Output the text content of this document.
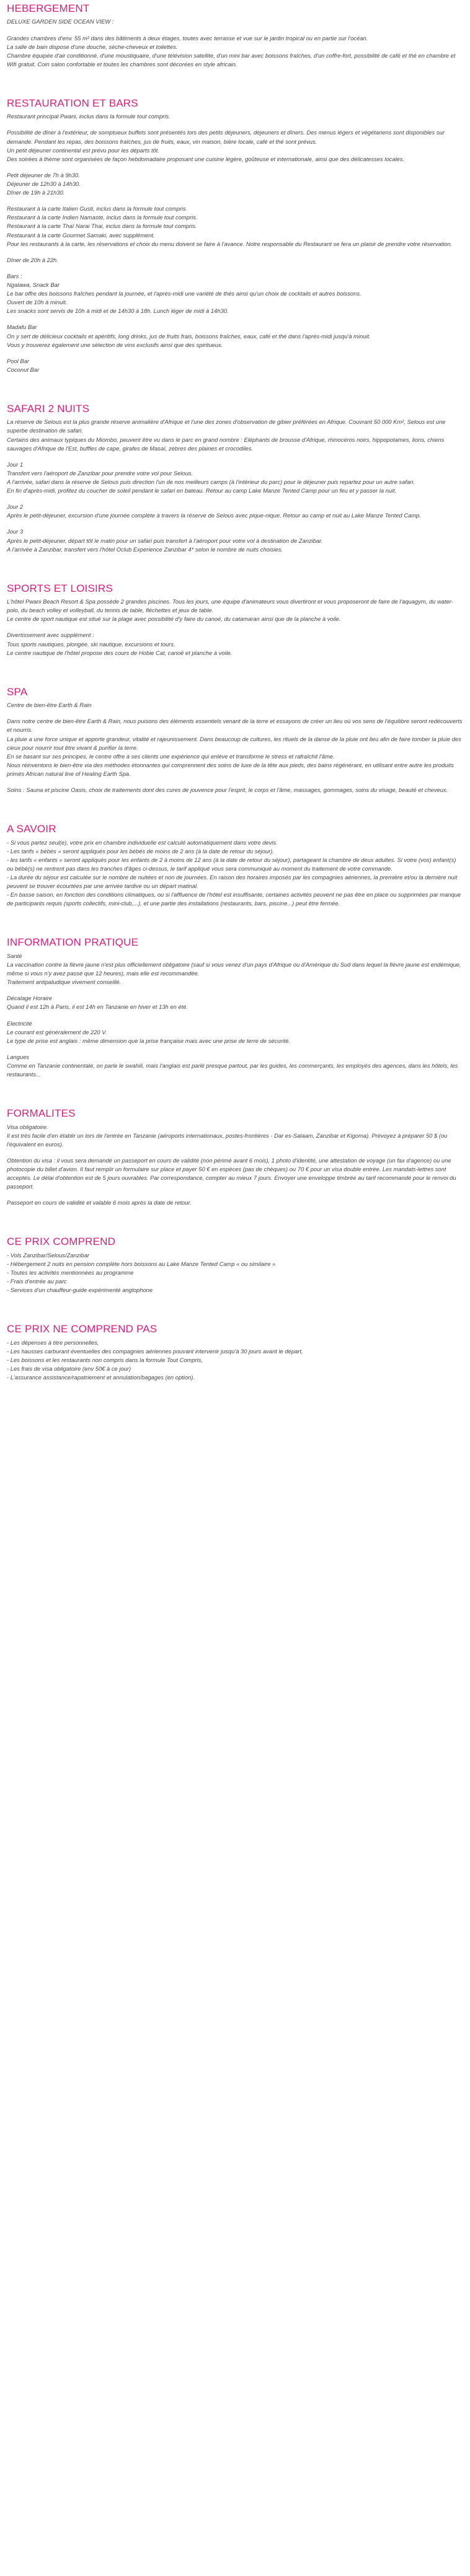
HEBERGEMENT

DELUXE GARDEN SIDE OCEAN VIEW :

Grandes chambres d'env. 55 m² dans des bâtiments à deux étages, toutes avec terrasse et vue sur le jardin tropical ou en partie sur l'océan.
La salle de bain dispose d'une douche, sèche-cheveux et toilettes.
Chambre équipée d'air conditionné, d'une moustiquaire, d'une télévision satellite, d'un mini bar avec boissons fraîches, d'un coffre-fort, possibilité de café et thé en chambre et Wifi gratuit. Coin salon confortable et toutes les chambres sont décorées en style africain.

RESTAURATION ET BARS

Restaurant principal Pwani, inclus dans la formule tout compris.

Possibilité de dîner à l'extérieur, de somptueux buffets sont présentés lors des petits déjeuners, déjeuners et dîners. Des menus légers et végétariens sont disponibles sur demande. Pendant les repas, des boissons fraîches, jus de fruits, eaux, vin maison, bière locale, café et thé sont prévus.
Un petit déjeuner continental est prévu pour les départs tôt.
Des soirées à thème sont organisées de façon hebdomadaire proposant une cuisine légère, goûteuse et internationale, ainsi que des délicatesses locales.

Petit déjeuner de 7h à 9h30.
Déjeuner de 12h30 à 14h30.
Dîner de 19h à 21h30.

Restaurant à la carte Italien Gusti, inclus dans la formule tout compris
Restaurant à la carte Indien Namaste, inclus dans la formule tout compris.
Restaurant à la carte Thaï Narai Thai, inclus dans la formule tout compris.
Restaurant à la carte Gourmet Samaki, avec supplément.
Pour les restaurants à la carte, les réservations et choix du menu doivent se faire à l'avance. Notre responsable du Restaurant se fera un plaisir de prendre votre réservation.

Dîner de 20h à 22h.

Bars :
Ngalawa, Snack Bar
Le bar offre des boissons fraîches pendant la journée, et l'après-midi une variété de thés ainsi qu'un choix de cocktails et autres boissons.
Ouvert de 10h à minuit.
Les snacks sont servis de 10h à midi et de 14h30 à 18h. Lunch léger de midi à 14h30.

Madafu Bar
On y sert de délicieux cocktails et apéritifs, long drinks, jus de fruits frais, boissons fraîches, eaux, café et thé dans l'après-midi jusqu'à minuit.
Vous y trouverez également une sélection de vins exclusifs ainsi que des spiritueux.

Pool Bar
Coconut Bar

SAFARI 2 NUITS

La réserve de Selous est la plus grande réserve animalière d'Afrique et l'une des zones d'observation de gibier préférées en Afrique. Couvrant 50 000 Km², Selous est une superbe destination de safari.
Certains des animaux typiques du Miombo, peuvent être vu dans le parc en grand nombre : Eléphants de brousse d'Afrique, rhinocéros noirs, hippopotames, lions, chiens sauvages d'Afrique de l'Est, buffles de cape, girafes de Masaï, zèbres des plaines et crocodiles.

Jour 1
Transfert vers l'aéroport de Zanzibar pour prendre votre vol pour Selous.
A l'arrivée, safari dans la réserve de Selous puis direction l'un de nos meilleurs camps (à l'intérieur du parc) pour le déjeuner puis repartez pour un autre safari.
En fin d'après-midi, profitez du coucher de soleil pendant le safari en bateau. Retour au camp Lake Manze Tented Camp pour un feu et y passer la nuit.

Jour 2
Après le petit-déjeuner, excursion d'une journée complète à travers la réserve de Selous avec pique-nique. Retour au camp et nuit au Lake Manze Tented Camp.

Jour 3
Après le petit-déjeuner, départ tôt le matin pour un safari puis transfert à l'aéroport pour votre vol à destination de Zanzibar.
A l'arrivée à Zanzibar, transfert vers l'hôtel Oclub Experience Zanzibar 4* selon le nombre de nuits choisies.

SPORTS ET LOISIRS

L'hôtel Pwani Beach Resort & Spa possède 2 grandes piscines. Tous les jours, une équipe d'animateurs vous divertiront et vous proposeront de faire de l'aquagym, du water-polo, du beach volley et volleyball, du tennis de table, fléchettes et jeux de table.
Le centre de sport nautique est situé sur la plage avec possibilité d'y faire du canoé, du catamaran ainsi que de la planche à voile.

Divertissement avec supplément :
Tous sports nautiques, plongée, ski nautique, excursions et tours.
Le centre nautique de l'hôtel propose des cours de Hobie Cat, canoë et planche à voile.

SPA

Centre de bien-être Earth & Rain

Dans notre centre de bien-être Earth & Rain, nous puisons des éléments essentiels venant de la terre et essayons de créer un lieu où vos sens de l'équilibre seront redécouverts et nourris.
La pluie a une force unique et apporte grandeur, vitalité et rajeunissement. Dans beaucoup de cultures, les rituels de la danse de la pluie ont lieu afin de faire tomber la pluie des cieux pour nourrir tout être vivant & purifier la terre.
En se basant sur ses principes, le centre offre à ses clients une expérience qui enlève et transforme le stress et rafraîchit l'âme.
Nous réinventons le bien-être via des méthodes étonnantes qui comprennent des soins de luxe de la tête aux pieds, des bains régénérant, en utilisant entre autre les produits primés African natural line of Healing Earth Spa.

Soins : Sauna et piscine Oasis, choix de traitements dont des cures de jouvence pour l'esprit, le corps et l'âme, massages, gommages, soins du visage, beauté et cheveux.

A SAVOIR

- Si vous partez seul(e), votre prix en chambre individuelle est calculé automatiquement dans votre devis.
- Les tarifs « bébés » seront appliqués pour les bébés de moins de 2 ans (à la date de retour du séjour).
- les tarifs « enfants » seront appliqués pour les enfants de 2 à moins de 12 ans (à la date de retour du séjour), partageant la chambre de deux adultes. Si votre (vos) enfant(s) ou bébé(s) ne rentrent pas dans les tranches d'âges ci-dessus, le tarif appliqué vous sera communiqué au moment du traitement de votre commande.
- La durée du séjour est calculée sur le nombre de nuitées et non de journées. En raison des horaires imposés par les compagnies aériennes, la première et/ou la dernière nuit peuvent se trouver écourtées par une arrivée tardive ou un départ matinal.
- En basse saison, en fonction des conditions climatiques, ou si l'affluence de l'hôtel est insuffisante, certaines activités peuvent ne pas être en place ou supprimées par manque de participants requis (sports collectifs, mini-club,...), et une partie des installations (restaurants, bars, piscine...) peut être fermée.

INFORMATION PRATIQUE

Santé
La vaccination contre la fièvre jaune n'est plus officiellement obligatoire (sauf si vous venez d'un pays d'Afrique ou d'Amérique du Sud dans lequel la fièvre jaune est endémique, même si vous n'y avez passé que 12 heures), mais elle est recommandée.
Traitement antipaludique vivement conseillé.

Décalage Horaire
Quand il est 12h à Paris, il est 14h en Tanzanie en hiver et 13h en été.

Electricité
Le courant est généralement de 220 V.
Le type de prise est anglais : même dimension que la prise française mais avec une prise de terre de sécurité.

Langues
Comme en Tanzanie continentale, on parle le swahili, mais l'anglais est parlé presque partout, par les guides, les commerçants, les employés des agences, dans les hôtels, les restaurants...

FORMALITES

Visa obligatoire.
Il est très facile d'en établir un lors de l'entrée en Tanzanie (aéroports internationaux, postes-frontières - Dar es-Salaam, Zanzibar et Kigoma). Prévoyez à préparer 50 $ (ou l'équivalent en euros).

Obtention du visa : il vous sera demandé un passeport en cours de validité (non périmé avant 6 mois), 1 photo d'identité, une attestation de voyage (un fax d'agence) ou une photocopie du billet d'avion. Il faut remplir un formulaire sur place et payer 50 € en espèces (pas de chèques) ou 70 € pour un visa double entrée. Les mandats-lettres sont acceptés. Le délai d'obtention est de 5 jours ouvrables. Par correspondance, compter au mieux 7 jours. Envoyer une enveloppe timbrée au tarif recommandé pour le renvoi du passeport.

Passeport en cours de validité et valable 6 mois après la date de retour.

CE PRIX COMPREND

- Vols Zanzibar/Selous/Zanzibar
- Hébergement 2 nuits en pension complète hors boissons au Lake Manze Tented Camp « ou similaire »
- Toutes les activités mentionnées au programme
- Frais d'entrée au parc
- Services d'un chauffeur-guide expérimenté anglophone

CE PRIX NE COMPREND PAS

- Les dépenses à titre personnelles,
- Les hausses carburant éventuelles des compagnies aériennes pouvant intervenir jusqu'à 30 jours avant le départ,
- Les boissons et les restaurants non compris dans la formule Tout Compris,
- Les frais de visa obligatoire (env 50€ à ce jour)
- L'assurance assistance/rapatriement et annulation/bagages (en option).
